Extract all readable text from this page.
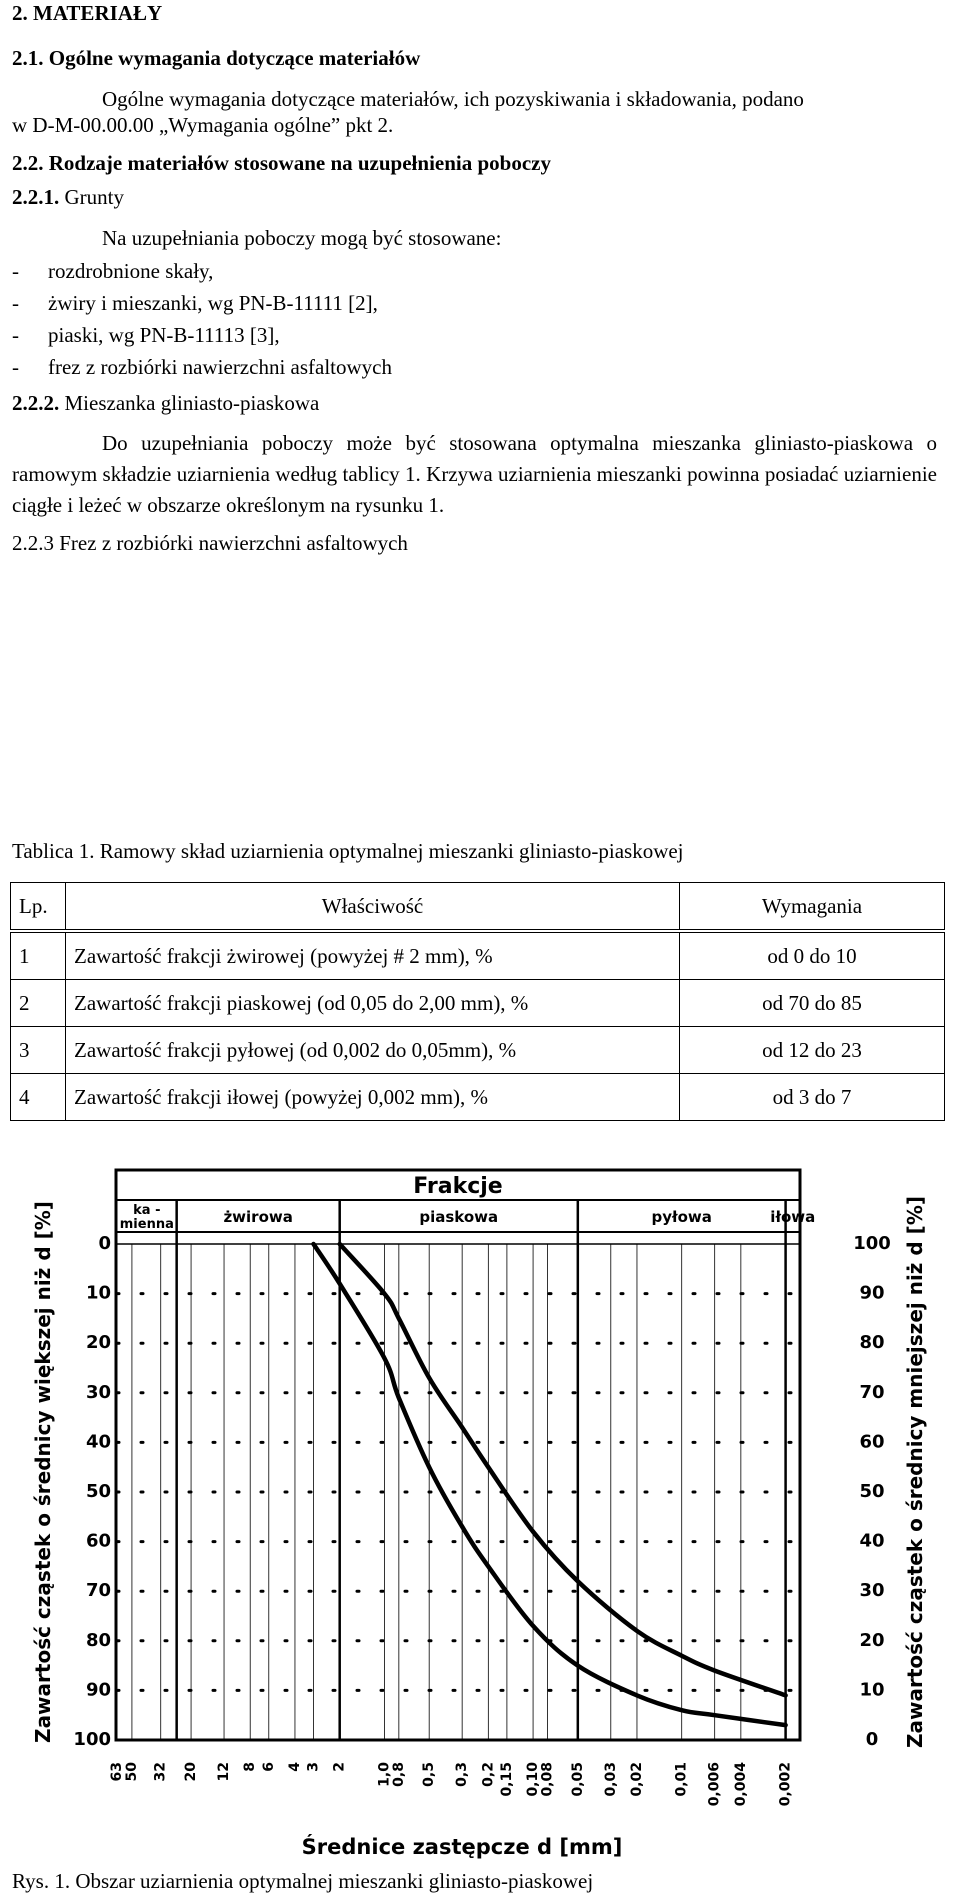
2. MATERIAŁY
2.1. Ogólne wymagania dotyczące materiałów
Ogólne wymagania dotyczące materiałów, ich pozyskiwania i składowania, podano
w D-M-00.00.00 „Wymagania ogólne” pkt 2.
2.2. Rodzaje materiałów stosowane na uzupełnienia poboczy
2.2.1. Grunty
Na uzupełniania poboczy mogą być stosowane:
- rozdrobnione skały,
- żwiry i mieszanki, wg PN-B-11111 [2],
- piaski, wg PN-B-11113 [3],
- frez z rozbiórki nawierzchni asfaltowych
2.2.2. Mieszanka gliniasto-piaskowa
Do uzupełniania poboczy może być stosowana optymalna mieszanka gliniasto-piaskowa o ramowym składzie uziarnienia według tablicy 1. Krzywa uziarnienia mieszanki powinna posiadać uziarnienie ciągłe i leżeć w obszarze określonym na rysunku 1.
2.2.3 Frez z rozbiórki nawierzchni asfaltowych
Tablica 1. Ramowy skład uziarnienia optymalnej mieszanki gliniasto-piaskowej
Lp.	Właściwość	Wymagania
1	Zawartość frakcji żwirowej (powyżej # 2 mm), %	od 0 do 10
2	Zawartość frakcji piaskowej (od 0,05 do 2,00 mm), %	od 70 do 85
3	Zawartość frakcji pyłowej (od 0,002 do 0,05mm), %	od 12 do 23
4	Zawartość frakcji iłowej (powyżej 0,002 mm), %	od 3 do 7
Frakcje
ka -
mienna	żwirowa	piaskowa	pyłowa	iłowa
63
50 32 20 12 8 6 4 3 2 1,0
0,8 0,5 0,3 0,2 0,15 0,10
0,08 0,05 0,03 0,02 0,01 0,006 0,004 0,002
0
10
20
30
40
50
60
70
80
90
100
100
90
80
70
60
50
40
30
20
10
0
Zawartość cząstek o średnicy większej niż d [%]	Zawartość cząstek o średnicy mniejszej niż d [%]
Średnice zastępcze d [mm]
Rys. 1. Obszar uziarnienia optymalnej mieszanki gliniasto-piaskowej
